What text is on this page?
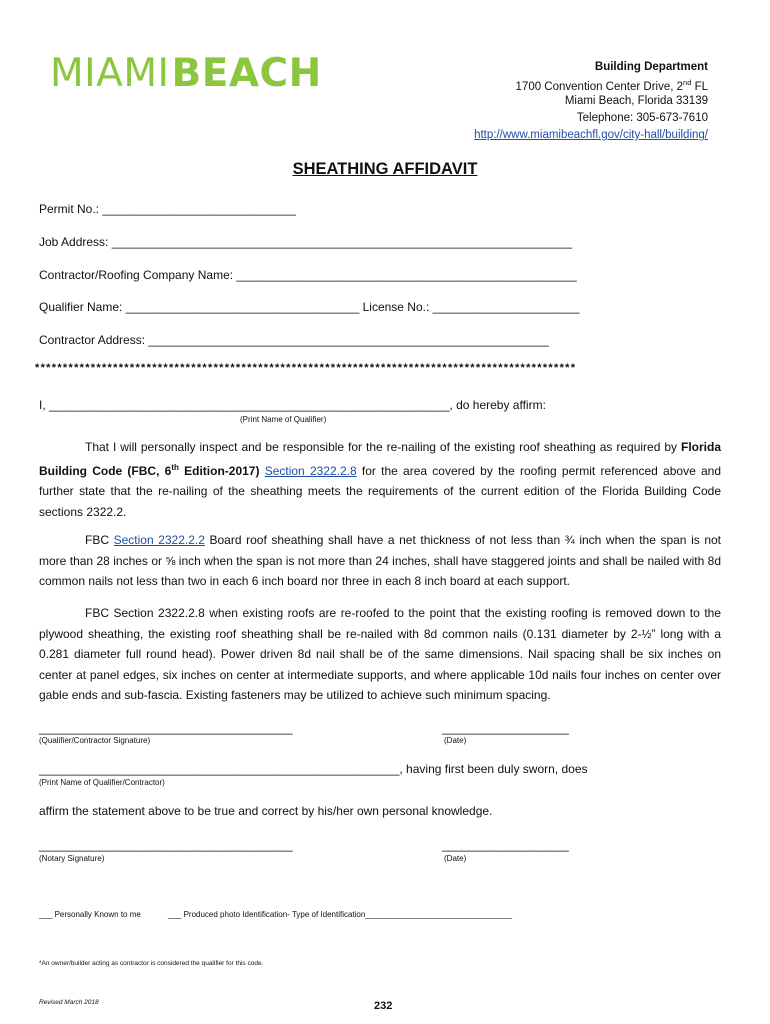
MIAMIBEACH	Building Department
1700 Convention Center Drive, 2nd FL
Miami Beach, Florida 33139
Telephone: 305-673-7610
http://www.miamibeachfl.gov/city-hall/building/
SHEATHING AFFIDAVIT
Permit No.: _____________________________
Job Address: _____________________________________________________________________
Contractor/Roofing Company Name: ___________________________________________________
Qualifier Name: ___________________________________ License No.: ______________________
Contractor Address: ____________________________________________________________
*************************************************************************************************
I, ____________________________________________________________, do hereby affirm:
(Print Name of Qualifier)
That I will personally inspect and be responsible for the re-nailing of the existing roof sheathing as required by Florida Building Code (FBC, 6th Edition-2017) Section 2322.2.8 for the area covered by the roofing permit referenced above and further state that the re-nailing of the sheathing meets the requirements of the current edition of the Florida Building Code sections 2322.2.
FBC Section 2322.2.2 Board roof sheathing shall have a net thickness of not less than ¾ inch when the span is not more than 28 inches or ⅝ inch when the span is not more than 24 inches, shall have staggered joints and shall be nailed with 8d common nails not less than two in each 6 inch board nor three in each 8 inch board at each support.
FBC Section 2322.2.8 when existing roofs are re-roofed to the point that the existing roofing is removed down to the plywood sheathing, the existing roof sheathing shall be re-nailed with 8d common nails (0.131 diameter by 2-½” long with a 0.281 diameter full round head). Power driven 8d nail shall be of the same dimensions. Nail spacing shall be six inches on center at panel edges, six inches on center at intermediate supports, and where applicable 10d nails four inches on center over gable ends and sub-fascia. Existing fasteners may be utilized to achieve such minimum spacing.
______________________________________	___________________
(Qualifier/Contractor Signature)	(Date)
______________________________________________________, having first been duly sworn, does
(Print Name of Qualifier/Contractor)
affirm the statement above to be true and correct by his/her own personal knowledge.
______________________________________	___________________
(Notary Signature)	(Date)
___ Personally Known to me	___ Produced photo Identification- Type of Identification_________________________________
*An owner/builder acting as contractor is considered the qualifier for this code.
Revised March 2018	232
